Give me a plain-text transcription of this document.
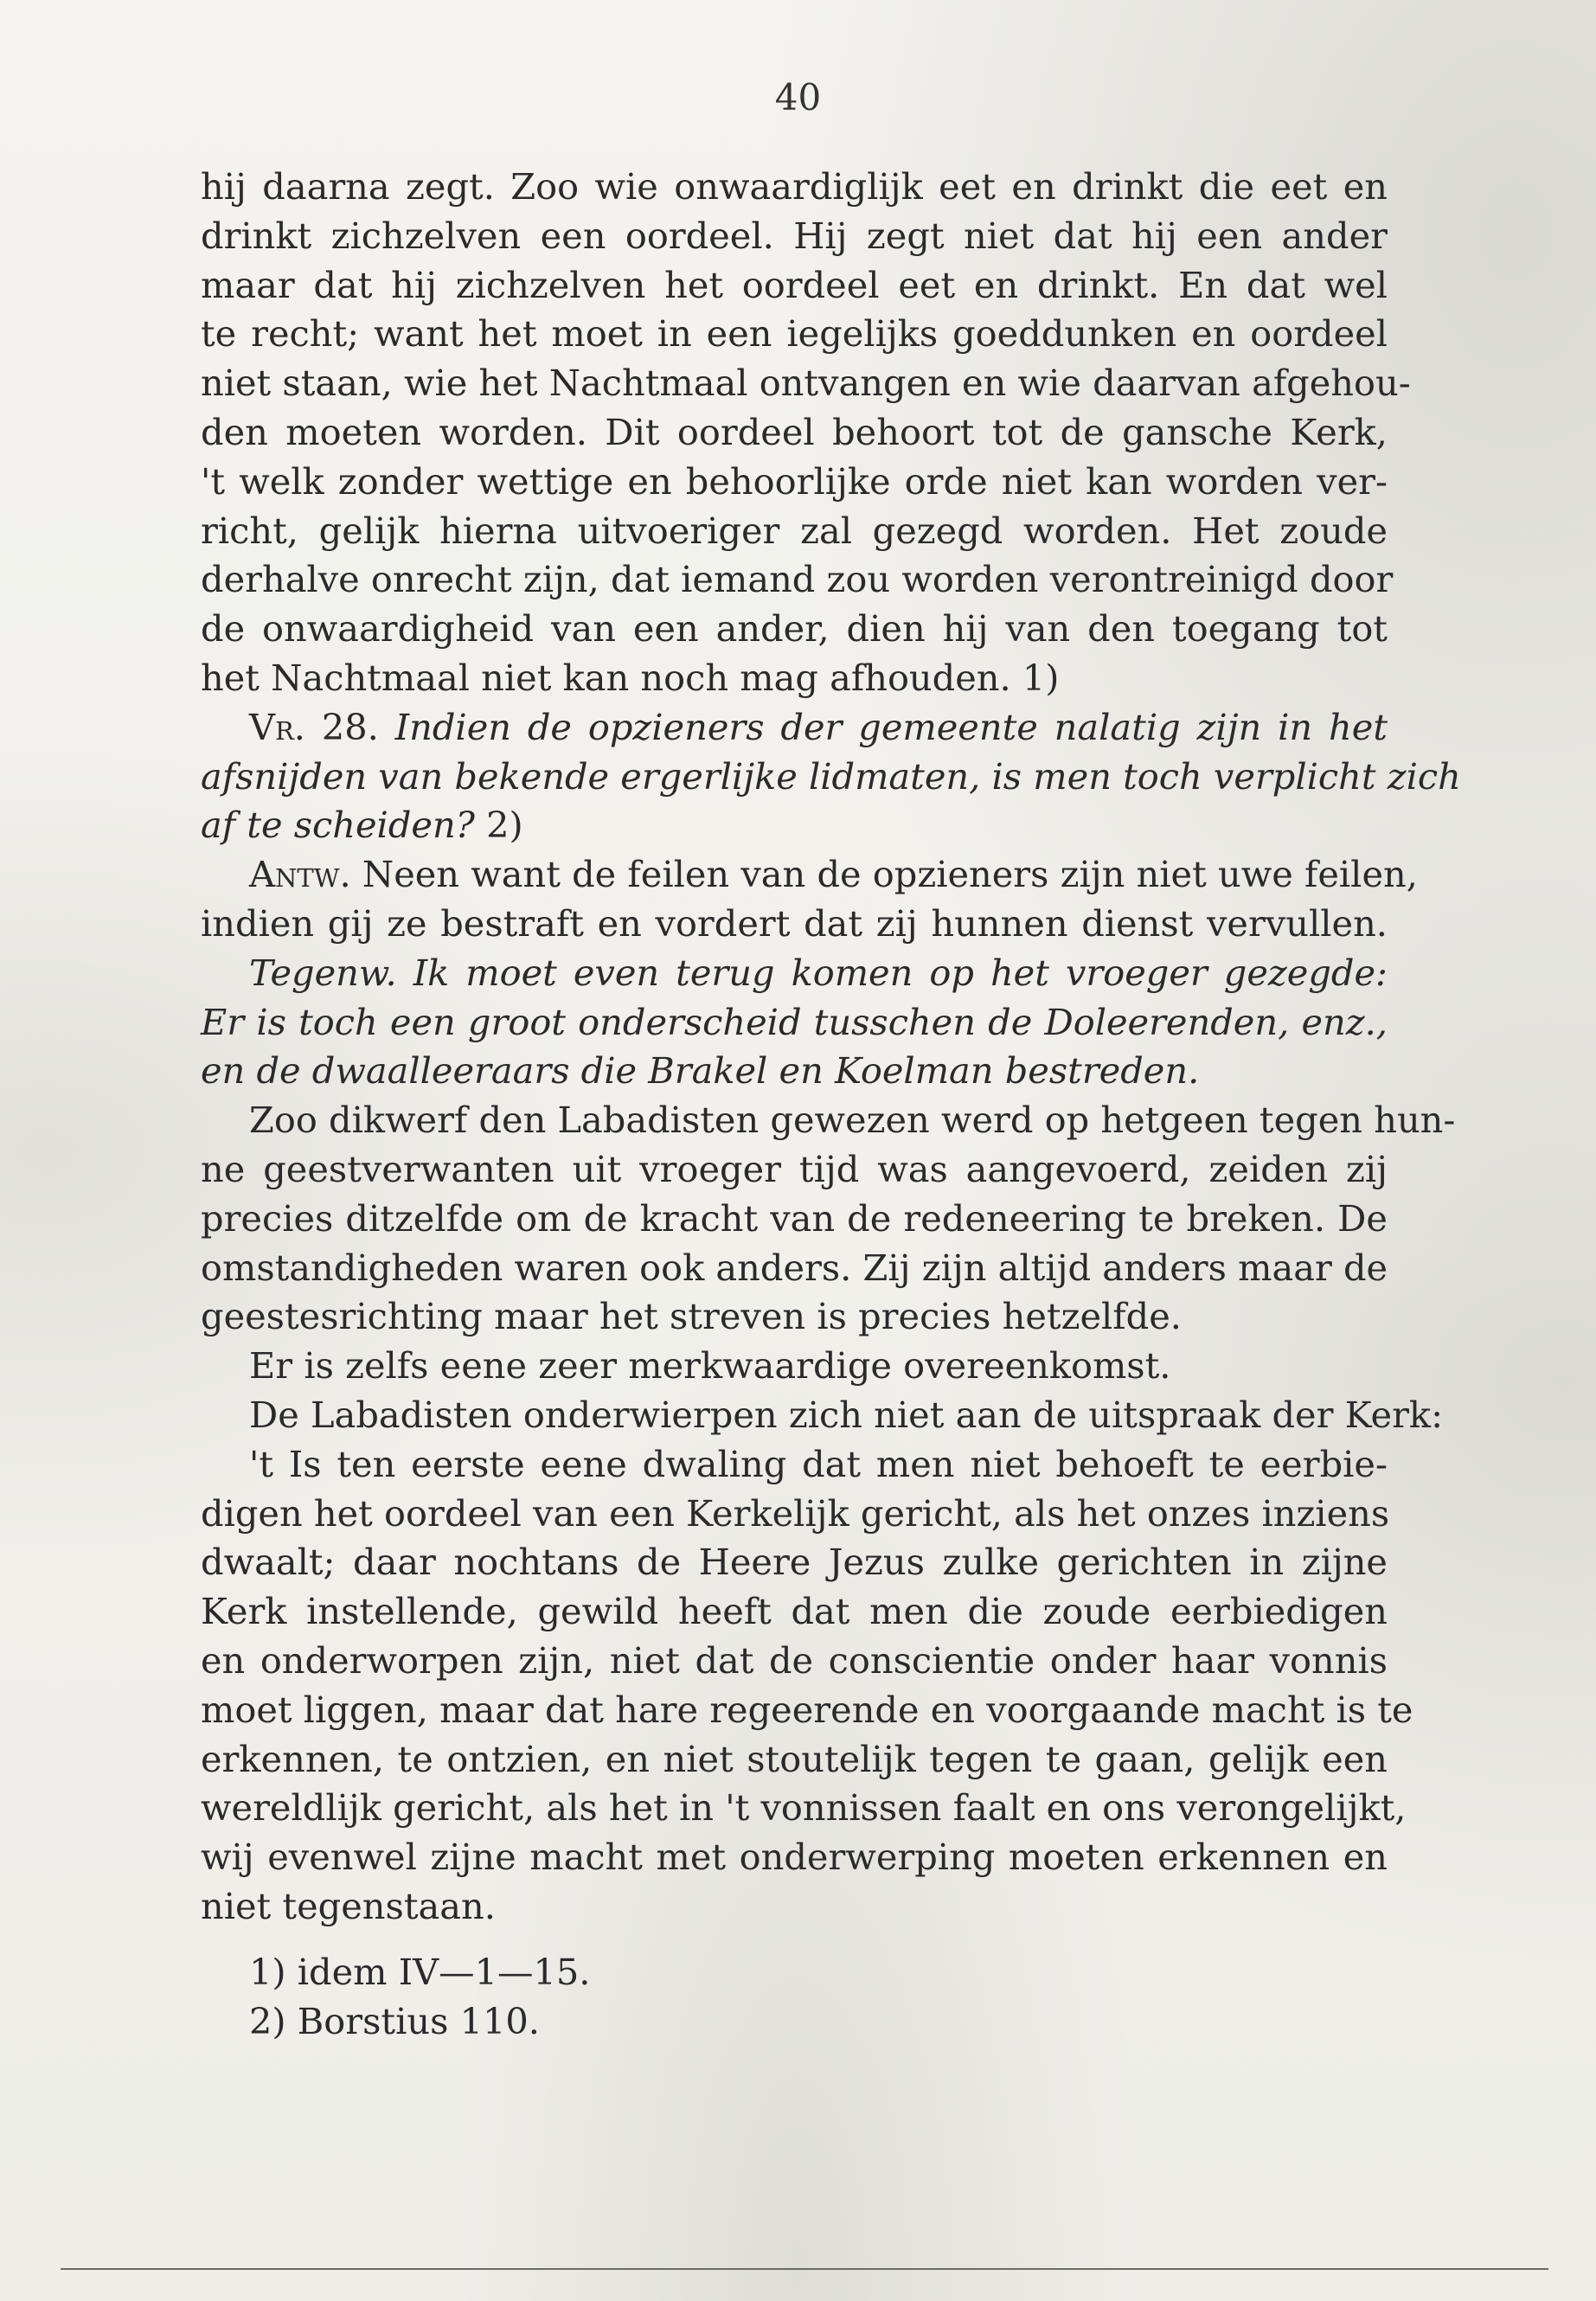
40
hij daarna zegt. Zoo wie onwaardiglijk eet en drinkt die eet en
drinkt zichzelven een oordeel. Hij zegt niet dat hij een ander
maar dat hij zichzelven het oordeel eet en drinkt. En dat wel
te recht; want het moet in een iegelijks goeddunken en oordeel
niet staan, wie het Nachtmaal ontvangen en wie daarvan afgehou-
den moeten worden. Dit oordeel behoort tot de gansche Kerk,
't welk zonder wettige en behoorlijke orde niet kan worden ver-
richt, gelijk hierna uitvoeriger zal gezegd worden. Het zoude
derhalve onrecht zijn, dat iemand zou worden verontreinigd door
de onwaardigheid van een ander, dien hij van den toegang tot
het Nachtmaal niet kan noch mag afhouden. 1)
Vr. 28. Indien de opzieners der gemeente nalatig zijn in het
afsnijden van bekende ergerlijke lidmaten, is men toch verplicht zich
af te scheiden? 2)
Antw. Neen want de feilen van de opzieners zijn niet uwe feilen,
indien gij ze bestraft en vordert dat zij hunnen dienst vervullen.
Tegenw. Ik moet even terug komen op het vroeger gezegde:
Er is toch een groot onderscheid tusschen de Doleerenden, enz.,
en de dwaalleeraars die Brakel en Koelman bestreden.
Zoo dikwerf den Labadisten gewezen werd op hetgeen tegen hun-
ne geestverwanten uit vroeger tijd was aangevoerd, zeiden zij
precies ditzelfde om de kracht van de redeneering te breken. De
omstandigheden waren ook anders. Zij zijn altijd anders maar de
geestesrichting maar het streven is precies hetzelfde.
Er is zelfs eene zeer merkwaardige overeenkomst.
De Labadisten onderwierpen zich niet aan de uitspraak der Kerk:
't Is ten eerste eene dwaling dat men niet behoeft te eerbie-
digen het oordeel van een Kerkelijk gericht, als het onzes inziens
dwaalt; daar nochtans de Heere Jezus zulke gerichten in zijne
Kerk instellende, gewild heeft dat men die zoude eerbiedigen
en onderworpen zijn, niet dat de conscientie onder haar vonnis
moet liggen, maar dat hare regeerende en voorgaande macht is te
erkennen, te ontzien, en niet stoutelijk tegen te gaan, gelijk een
wereldlijk gericht, als het in 't vonnissen faalt en ons verongelijkt,
wij evenwel zijne macht met onderwerping moeten erkennen en
niet tegenstaan.
1) idem IV—1—15.
2) Borstius 110.
